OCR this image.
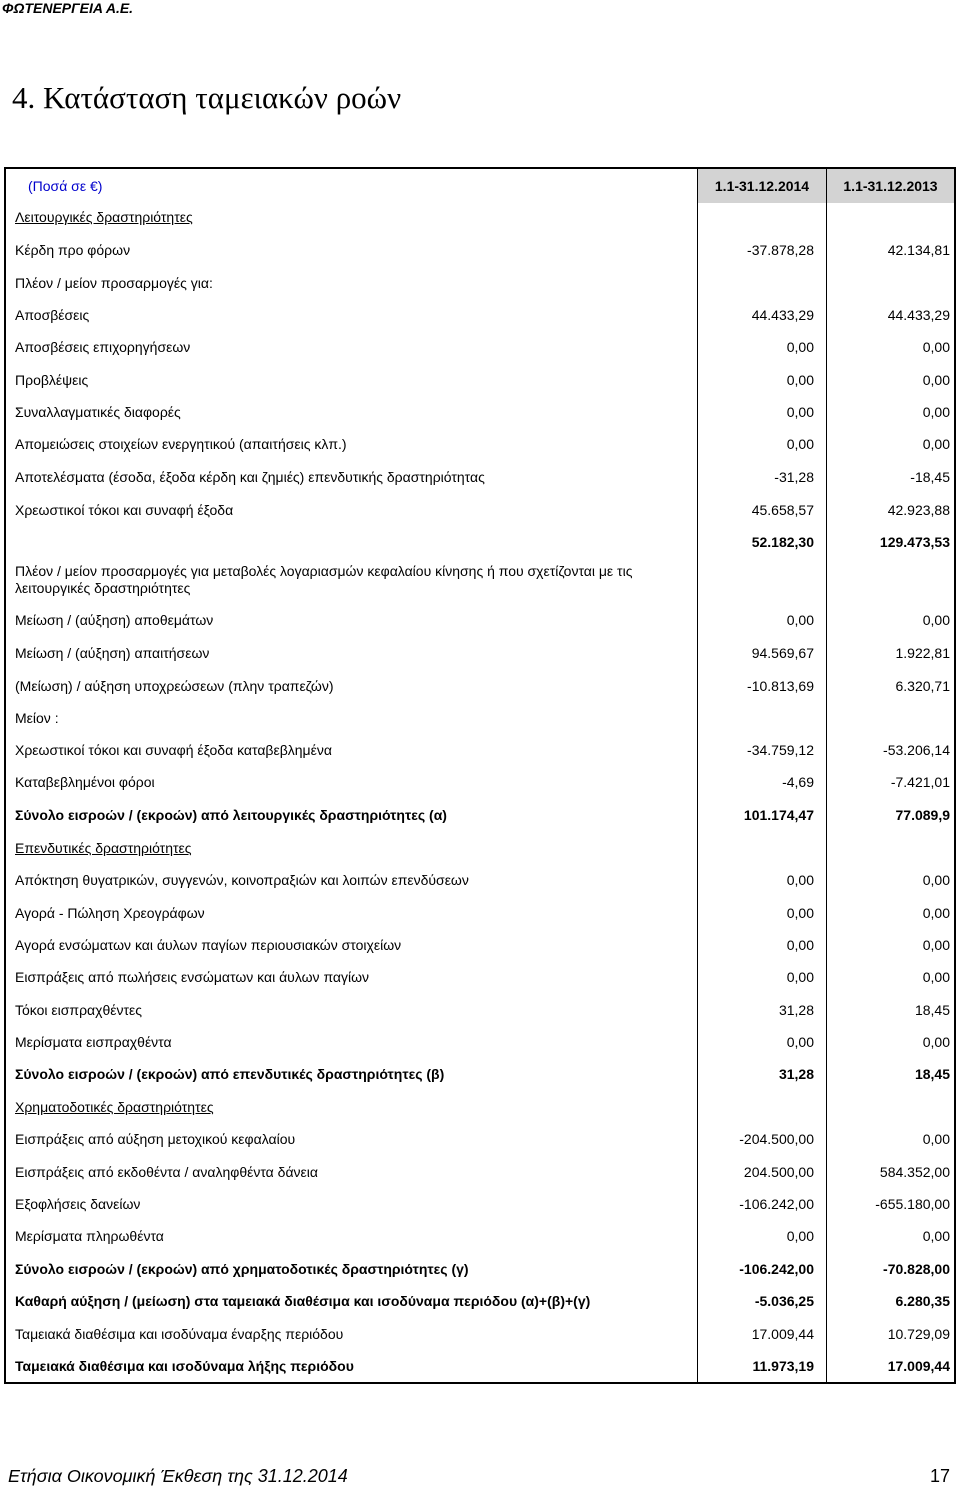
ΦΩΤΕΝΕΡΓΕΙΑ Α.Ε.
4. Κατάσταση ταμειακών ροών
(Ποσά σε €)	1.1-31.12.2014	1.1-31.12.2013
Λειτουργικές δραστηριότητες
Κέρδη προ φόρων	-37.878,28	42.134,81
Πλέον / μείον προσαρμογές για:
Αποσβέσεις	44.433,29	44.433,29
Αποσβέσεις επιχορηγήσεων	0,00	0,00
Προβλέψεις	0,00	0,00
Συναλλαγματικές διαφορές	0,00	0,00
Απομειώσεις στοιχείων ενεργητικού (απαιτήσεις κλπ.)	0,00	0,00
Αποτελέσματα (έσοδα, έξοδα κέρδη και ζημιές) επενδυτικής δραστηριότητας	-31,28	-18,45
Χρεωστικοί τόκοι και συναφή έξοδα	45.658,57	42.923,88
52.182,30	129.473,53
Πλέον / μείον προσαρμογές για μεταβολές λογαριασμών κεφαλαίου κίνησης ή που σχετίζονται με τις λειτουργικές δραστηριότητες
Μείωση / (αύξηση) αποθεμάτων	0,00	0,00
Μείωση / (αύξηση) απαιτήσεων	94.569,67	1.922,81
(Μείωση) / αύξηση υποχρεώσεων (πλην τραπεζών)	-10.813,69	6.320,71
Μείον :
Χρεωστικοί τόκοι και συναφή έξοδα καταβεβλημένα	-34.759,12	-53.206,14
Καταβεβλημένοι φόροι	-4,69	-7.421,01
Σύνολο εισροών / (εκροών) από λειτουργικές δραστηριότητες (α)	101.174,47	77.089,9
Επενδυτικές δραστηριότητες
Απόκτηση θυγατρικών, συγγενών, κοινοπραξιών και λοιπών επενδύσεων	0,00	0,00
Αγορά - Πώληση Χρεογράφων	0,00	0,00
Αγορά ενσώματων και άυλων παγίων περιουσιακών στοιχείων	0,00	0,00
Εισπράξεις από πωλήσεις ενσώματων και άυλων παγίων	0,00	0,00
Τόκοι εισπραχθέντες	31,28	18,45
Μερίσματα εισπραχθέντα	0,00	0,00
Σύνολο εισροών / (εκροών) από επενδυτικές δραστηριότητες (β)	31,28	18,45
Χρηματοδοτικές δραστηριότητες
Εισπράξεις από αύξηση μετοχικού κεφαλαίου	-204.500,00	0,00
Εισπράξεις από εκδοθέντα / αναληφθέντα δάνεια	204.500,00	584.352,00
Εξοφλήσεις δανείων	-106.242,00	-655.180,00
Μερίσματα πληρωθέντα	0,00	0,00
Σύνολο εισροών / (εκροών) από χρηματοδοτικές δραστηριότητες (γ)	-106.242,00	-70.828,00
Καθαρή αύξηση / (μείωση) στα ταμειακά διαθέσιμα και ισοδύναμα περιόδου (α)+(β)+(γ)	-5.036,25	6.280,35
Ταμειακά διαθέσιμα και ισοδύναμα έναρξης περιόδου	17.009,44	10.729,09
Ταμειακά διαθέσιμα και ισοδύναμα λήξης περιόδου	11.973,19	17.009,44
Ετήσια Οικονομική Έκθεση της 31.12.2014	17
